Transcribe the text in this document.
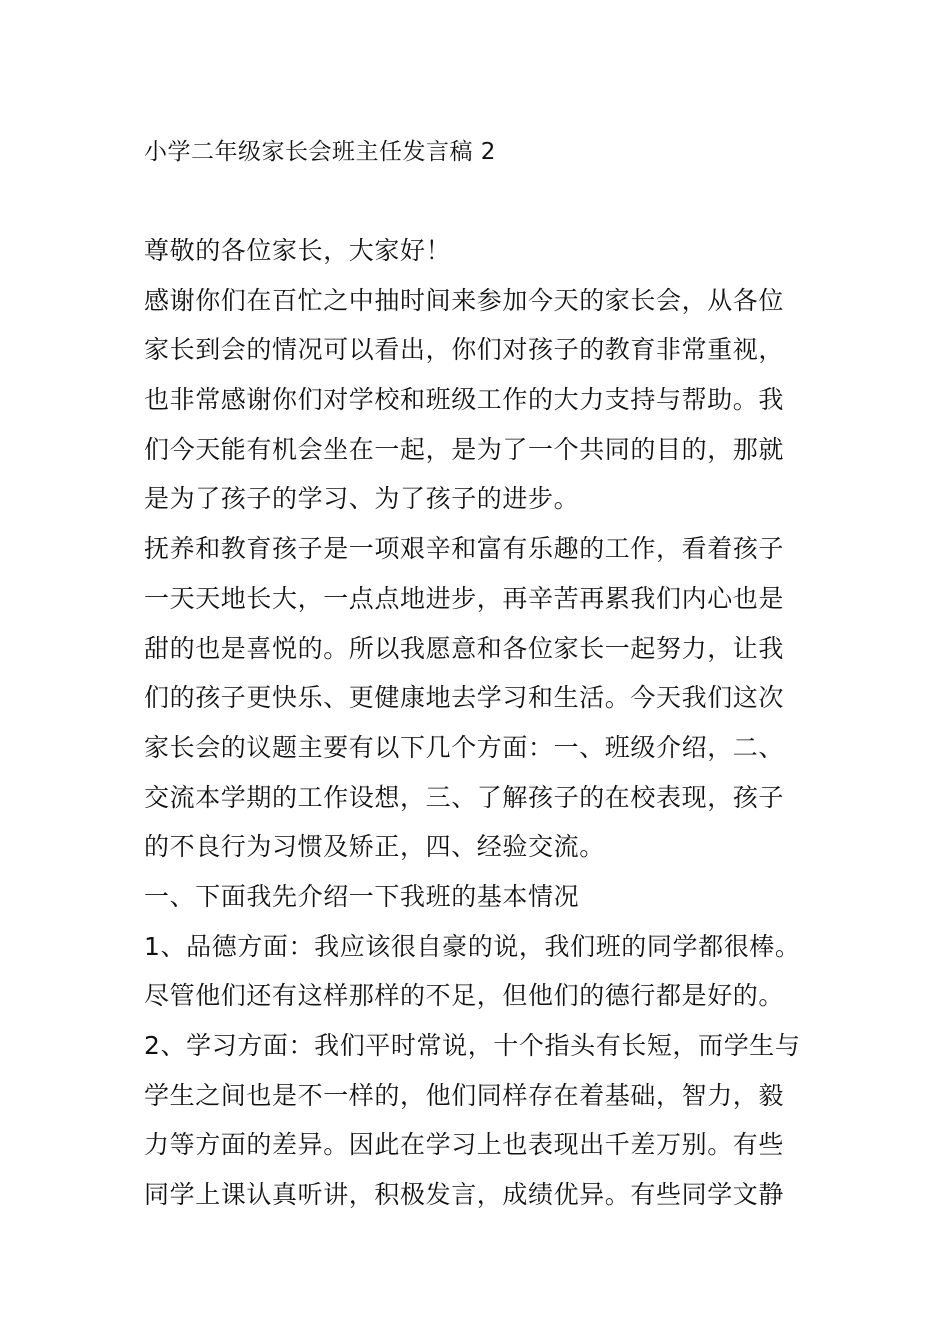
小学二年级家长会班主任发言稿 2
尊敬的各位家长，大家好！
感谢你们在百忙之中抽时间来参加今天的家长会，从各位
家长到会的情况可以看出，你们对孩子的教育非常重视，
也非常感谢你们对学校和班级工作的大力支持与帮助。我
们今天能有机会坐在一起，是为了一个共同的目的，那就
是为了孩子的学习、为了孩子的进步。
抚养和教育孩子是一项艰辛和富有乐趣的工作，看着孩子
一天天地长大，一点点地进步，再辛苦再累我们内心也是
甜的也是喜悦的。所以我愿意和各位家长一起努力，让我
们的孩子更快乐、更健康地去学习和生活。今天我们这次
家长会的议题主要有以下几个方面：一、班级介绍，二、
交流本学期的工作设想，三、了解孩子的在校表现，孩子
的不良行为习惯及矫正，四、经验交流。
一、下面我先介绍一下我班的基本情况
1、品德方面：我应该很自豪的说，我们班的同学都很棒。
尽管他们还有这样那样的不足，但他们的德行都是好的。
2、学习方面：我们平时常说，十个指头有长短，而学生与
学生之间也是不一样的，他们同样存在着基础，智力，毅
力等方面的差异。因此在学习上也表现出千差万别。有些
同学上课认真听讲，积极发言，成绩优异。有些同学文静
